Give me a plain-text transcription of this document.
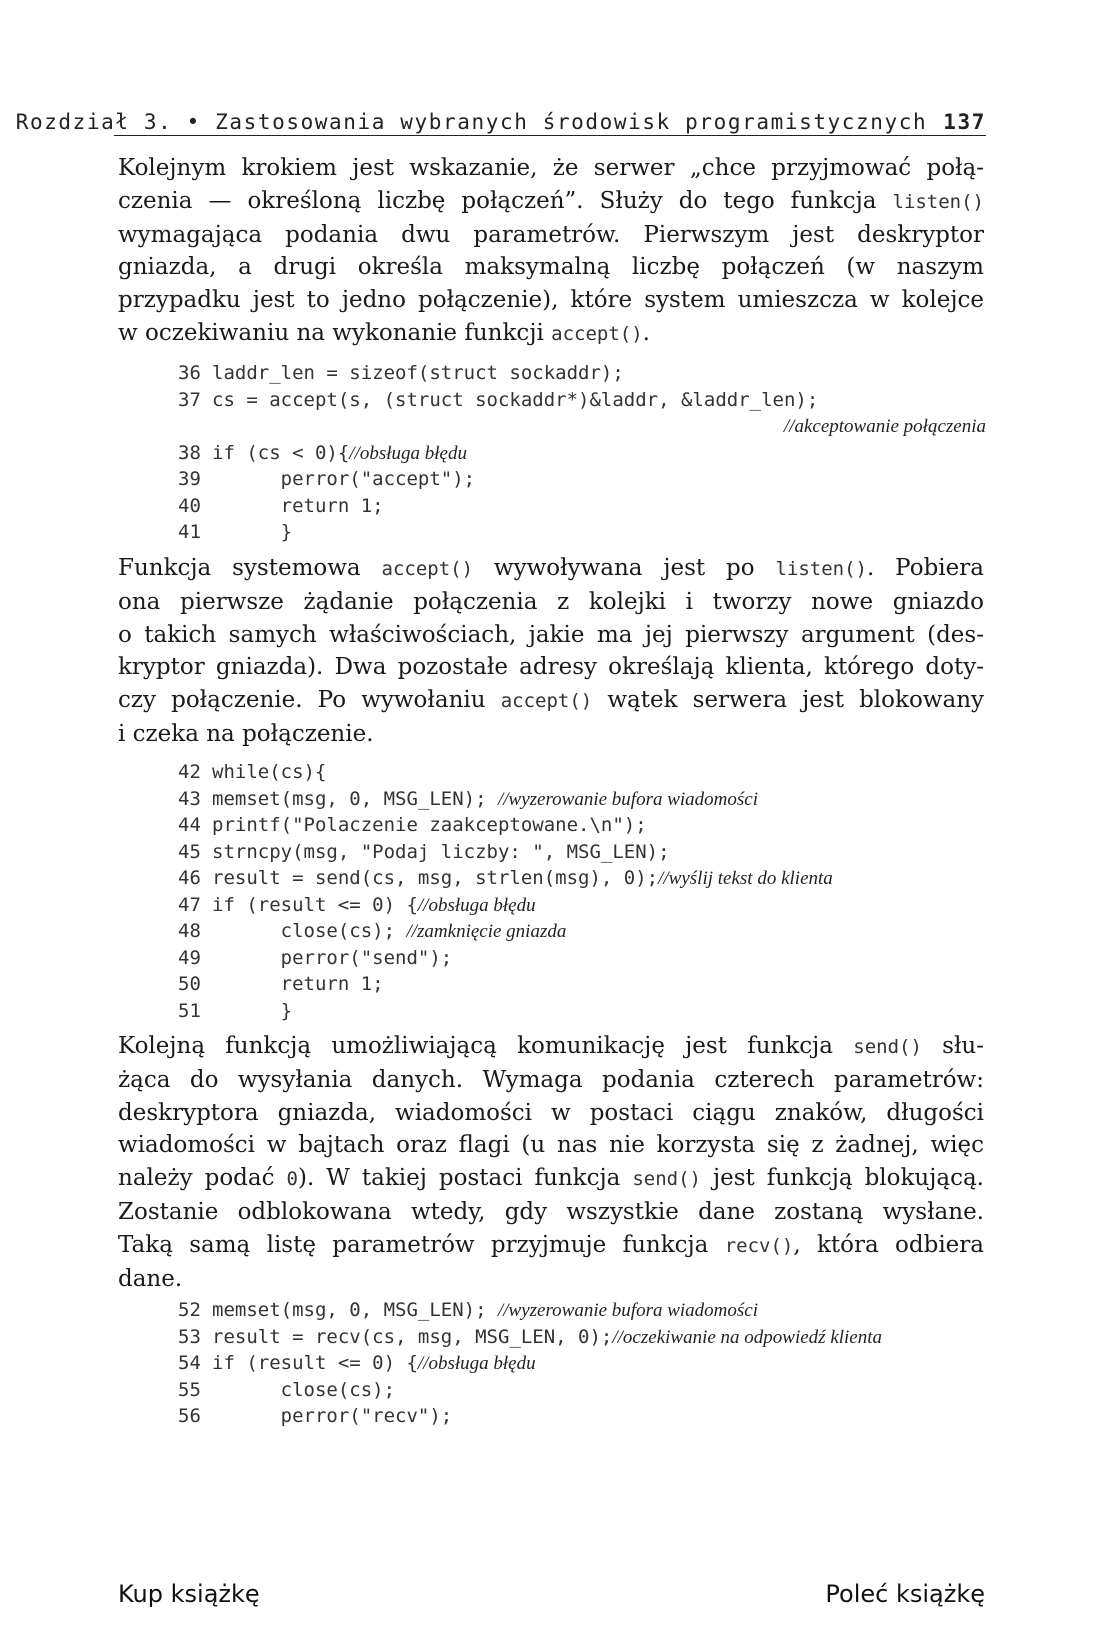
Rozdział 3. • Zastosowania wybranych środowisk programistycznych 137

Kolejnym krokiem jest wskazanie, że serwer „chce przyjmować połą-
czenia — określoną liczbę połączeń”. Służy do tego funkcja listen()
wymagająca podania dwu parametrów. Pierwszym jest deskryptor
gniazda, a drugi określa maksymalną liczbę połączeń (w naszym
przypadku jest to jedno połączenie), które system umieszcza w kolejce
w oczekiwaniu na wykonanie funkcji accept().

36 laddr_len = sizeof(struct sockaddr);
37 cs = accept(s, (struct sockaddr*)&laddr, &laddr_len);
//akceptowanie połączenia
38 if (cs < 0){//obsługa błędu
39      perror("accept");
40      return 1;
41      }

Funkcja systemowa accept() wywoływana jest po listen(). Pobiera
ona pierwsze żądanie połączenia z kolejki i tworzy nowe gniazdo
o takich samych właściwościach, jakie ma jej pierwszy argument (des-
kryptor gniazda). Dwa pozostałe adresy określają klienta, którego doty-
czy połączenie. Po wywołaniu accept() wątek serwera jest blokowany
i czeka na połączenie.

42 while(cs){
43 memset(msg, 0, MSG_LEN); //wyzerowanie bufora wiadomości
44 printf("Polaczenie zaakceptowane.\n");
45 strncpy(msg, "Podaj liczby: ", MSG_LEN);
46 result = send(cs, msg, strlen(msg), 0);//wyślij tekst do klienta
47 if (result <= 0) {//obsługa błędu
48      close(cs); //zamknięcie gniazda
49      perror("send");
50      return 1;
51      }

Kolejną funkcją umożliwiającą komunikację jest funkcja send() słu-
żąca do wysyłania danych. Wymaga podania czterech parametrów:
deskryptora gniazda, wiadomości w postaci ciągu znaków, długości
wiadomości w bajtach oraz flagi (u nas nie korzysta się z żadnej, więc
należy podać 0). W takiej postaci funkcja send() jest funkcją blokującą.
Zostanie odblokowana wtedy, gdy wszystkie dane zostaną wysłane.
Taką samą listę parametrów przyjmuje funkcja recv(), która odbiera
dane.

52 memset(msg, 0, MSG_LEN); //wyzerowanie bufora wiadomości
53 result = recv(cs, msg, MSG_LEN, 0);//oczekiwanie na odpowiedź klienta
54 if (result <= 0) {//obsługa błędu
55      close(cs);
56      perror("recv");
Kup książkę	Poleć książkę
